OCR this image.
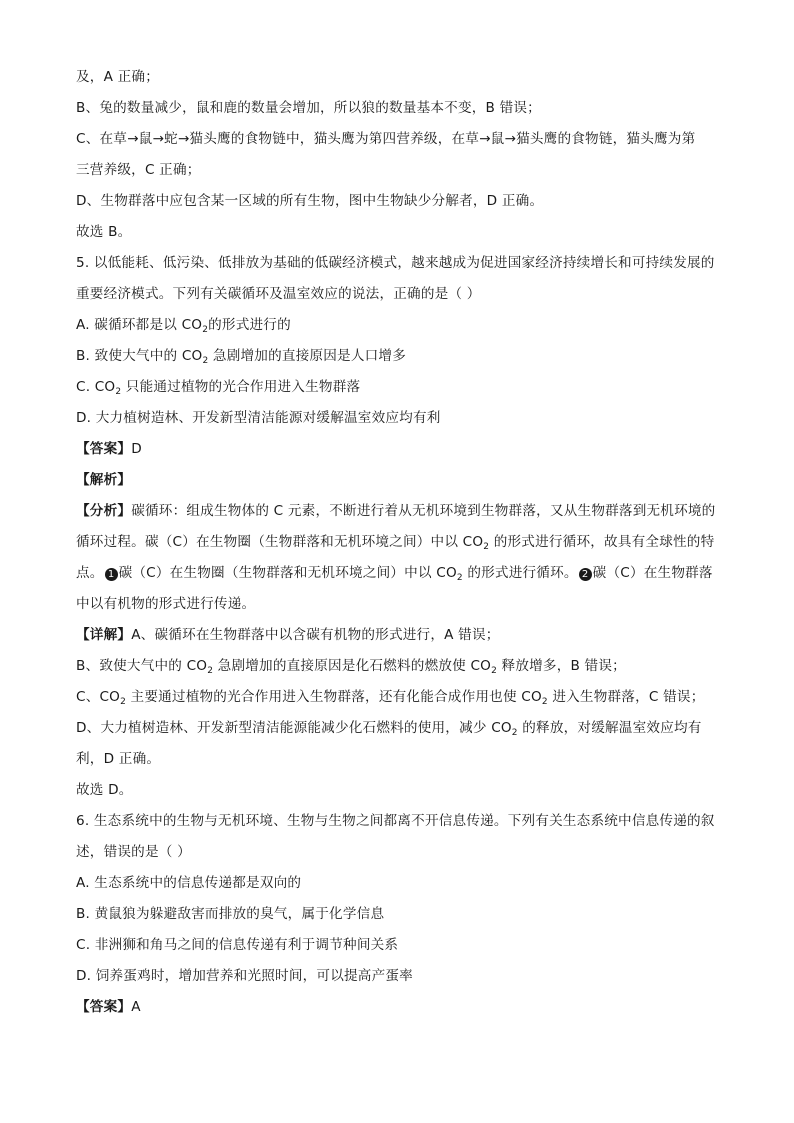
及，A 正确；
B、兔的数量减少，鼠和鹿的数量会增加，所以狼的数量基本不变，B 错误；
C、在草→鼠→蛇→猫头鹰的食物链中，猫头鹰为第四营养级，在草→鼠→猫头鹰的食物链，猫头鹰为第
三营养级，C 正确；
D、生物群落中应包含某一区域的所有生物，图中生物缺少分解者，D 正确。
故选 B。
5. 以低能耗、低污染、低排放为基础的低碳经济模式，越来越成为促进国家经济持续增长和可持续发展的
重要经济模式。下列有关碳循环及温室效应的说法，正确的是（ ）
A. 碳循环都是以 $CO_2$的形式进行的
B. 致使大气中的 $CO_2$ 急剧增加的直接原因是人口增多
C. $CO_2$ 只能通过植物的光合作用进入生物群落
D. 大力植树造林、开发新型清洁能源对缓解温室效应均有利
【答案】D
【解析】
【分析】碳循环：组成生物体的 C 元素，不断进行着从无机环境到生物群落，又从生物群落到无机环境的
循环过程。碳（C）在生物圈（生物群落和无机环境之间）中以 $CO_2$ 的形式进行循环，故具有全球性的特
点。 1 碳（C）在生物圈（生物群落和无机环境之间）中以 $CO_2$ 的形式进行循环。 2 碳（C）在生物群落
中以有机物的形式进行传递。
【详解】A、碳循环在生物群落中以含碳有机物的形式进行，A 错误；
B、致使大气中的 $CO_2$ 急剧增加的直接原因是化石燃料的燃放使 $CO_2$ 释放增多，B 错误；
C、$CO_2$ 主要通过植物的光合作用进入生物群落，还有化能合成作用也使 $CO_2$ 进入生物群落，C 错误；
D、大力植树造林、开发新型清洁能源能减少化石燃料的使用，减少 $CO_2$ 的释放，对缓解温室效应均有
利，D 正确。
故选 D。
6. 生态系统中的生物与无机环境、生物与生物之间都离不开信息传递。下列有关生态系统中信息传递的叙
述，错误的是（ ）
A. 生态系统中的信息传递都是双向的
B. 黄鼠狼为躲避敌害而排放的臭气，属于化学信息
C. 非洲狮和角马之间的信息传递有利于调节种间关系
D. 饲养蛋鸡时，增加营养和光照时间，可以提高产蛋率
【答案】A
